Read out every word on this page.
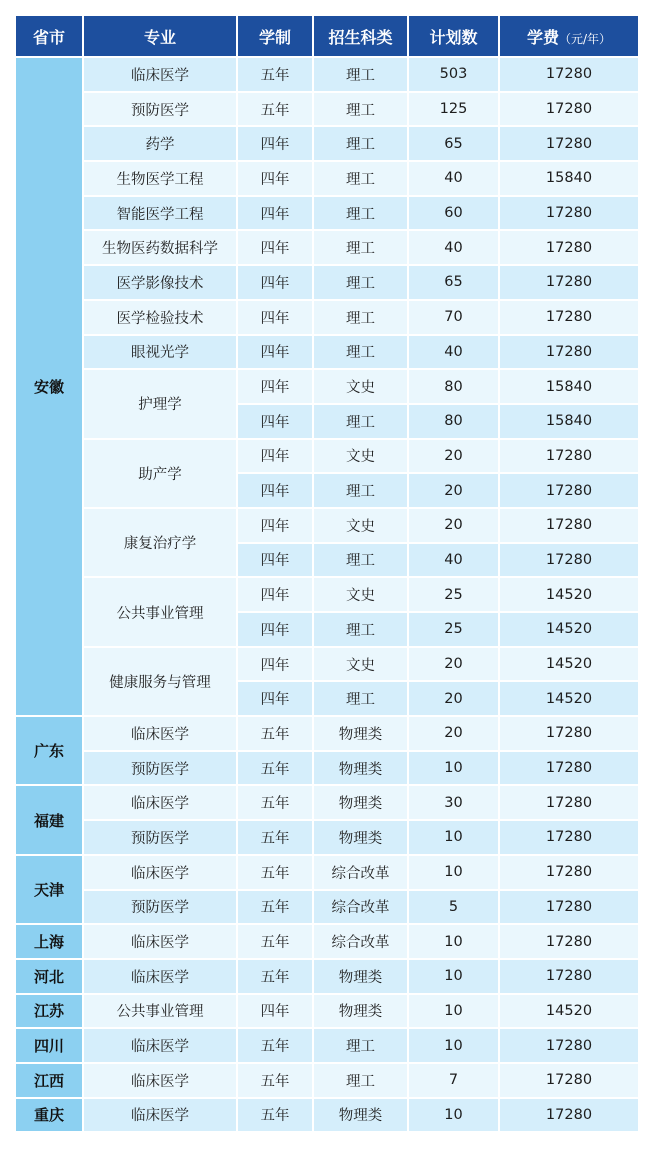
省市	专业	学制	招生科类	计划数	学费（元/年）
安徽	临床医学	五年	理工	503	17280
	预防医学	五年	理工	125	17280
	药学	四年	理工	65	17280
	生物医学工程	四年	理工	40	15840
	智能医学工程	四年	理工	60	17280
	生物医药数据科学	四年	理工	40	17280
	医学影像技术	四年	理工	65	17280
	医学检验技术	四年	理工	70	17280
	眼视光学	四年	理工	40	17280
	护理学	四年	文史	80	15840
		四年	理工	80	15840
	助产学	四年	文史	20	17280
		四年	理工	20	17280
	康复治疗学	四年	文史	20	17280
		四年	理工	40	17280
	公共事业管理	四年	文史	25	14520
		四年	理工	25	14520
	健康服务与管理	四年	文史	20	14520
		四年	理工	20	14520
广东	临床医学	五年	物理类	20	17280
	预防医学	五年	物理类	10	17280
福建	临床医学	五年	物理类	30	17280
	预防医学	五年	物理类	10	17280
天津	临床医学	五年	综合改革	10	17280
	预防医学	五年	综合改革	5	17280
上海	临床医学	五年	综合改革	10	17280
河北	临床医学	五年	物理类	10	17280
江苏	公共事业管理	四年	物理类	10	14520
四川	临床医学	五年	理工	10	17280
江西	临床医学	五年	理工	7	17280
重庆	临床医学	五年	物理类	10	17280
